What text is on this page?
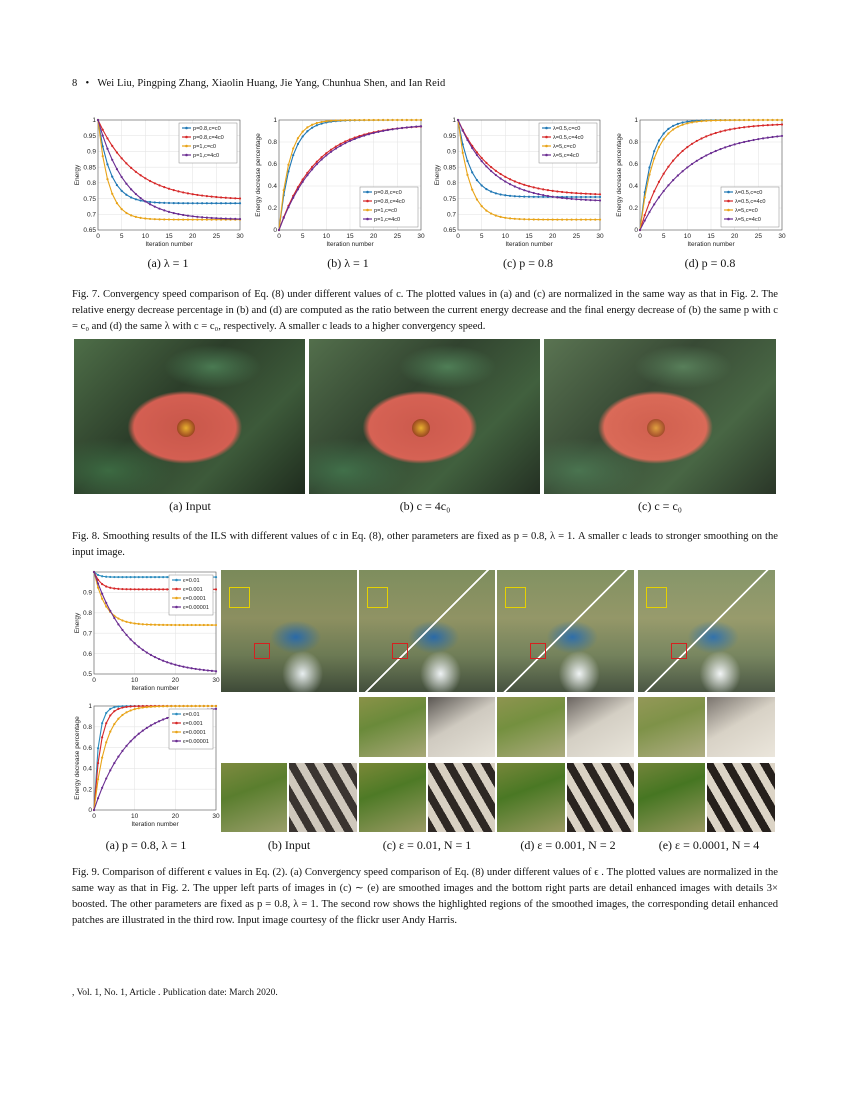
8 • Wei Liu, Pingping Zhang, Xiaolin Huang, Jie Yang, Chunhua Shen, and Ian Reid
0	5	10	15	20	25	30
0.65
0.7
0.75
0.8
0.85
0.9
0.95
1
Iteration number
Energy
p=0.8,c=c0
p=0.8,c=4c0
p=1,c=c0
p=1,c=4c0
0	5	10	15	20	25	30
0
0.2
0.4
0.6
0.8
1
Iteration number
Energy decrease percentage	p=0.8,c=c0
p=0.8,c=4c0
p=1,c=c0
p=1,c=4c0
0	5	10	15	20	25	30
0.65
0.7
0.75
0.8
0.85
0.9
0.95
1
Iteration number
Energy
λ=0.5,c=c0
λ=0.5,c=4c0
λ=5,c=c0
λ=5,c=4c0
0	5	10	15	20	25	30
0
0.2
0.4
0.6
0.8
1
Iteration number
Energy decrease percentage	λ=0.5,c=c0
λ=0.5,c=4c0
λ=5,c=c0
λ=5,c=4c0
(a) λ = 1	(b) λ = 1	(c) p = 0.8	(d) p = 0.8
Fig. 7. Convergency speed comparison of Eq. (8) under different values of c. The plotted values in (a) and (c) are normalized in the same way as that in Fig. 2. The relative energy decrease percentage in (b) and (d) are computed as the ratio between the current energy decrease and the final energy decrease of (b) the same p with c = c₀ and (d) the same λ with c = c₀, respectively. A smaller c leads to a higher convergency speed.
(a) Input	(b) c = 4c₀	(c) c = c₀
Fig. 8. Smoothing results of the ILS with different values of c in Eq. (8), other parameters are fixed as p = 0.8, λ = 1. A smaller c leads to stronger smoothing on the input image.
0	10	20	30
0.5
0.6
0.7
0.8
0.9
Iteration number
Energy
ϵ=0.01
ϵ=0.001
ϵ=0.0001
ϵ=0.00001
0	10	20	30
0
0.2
0.4
0.6
0.8
1
Iteration number
Energy decrease percentage
ϵ=0.01
ϵ=0.001
ϵ=0.0001
ϵ=0.00001
(a) p = 0.8, λ = 1	(b) Input	(c) ε = 0.01, N = 1	(d) ε = 0.001, N = 2	(e) ε = 0.0001, N = 4
Fig. 9. Comparison of different ϵ values in Eq. (2). (a) Convergency speed comparison of Eq. (8) under different values of ϵ . The plotted values are normalized in the same way as that in Fig. 2. The upper left parts of images in (c) ∼ (e) are smoothed images and the bottom right parts are detail enhanced images with details 3× boosted. The other parameters are fixed as p = 0.8, λ = 1. The second row shows the highlighted regions of the smoothed images, the corresponding detail enhanced patches are illustrated in the third row. Input image courtesy of the flickr user Andy Harris.
, Vol. 1, No. 1, Article . Publication date: March 2020.
